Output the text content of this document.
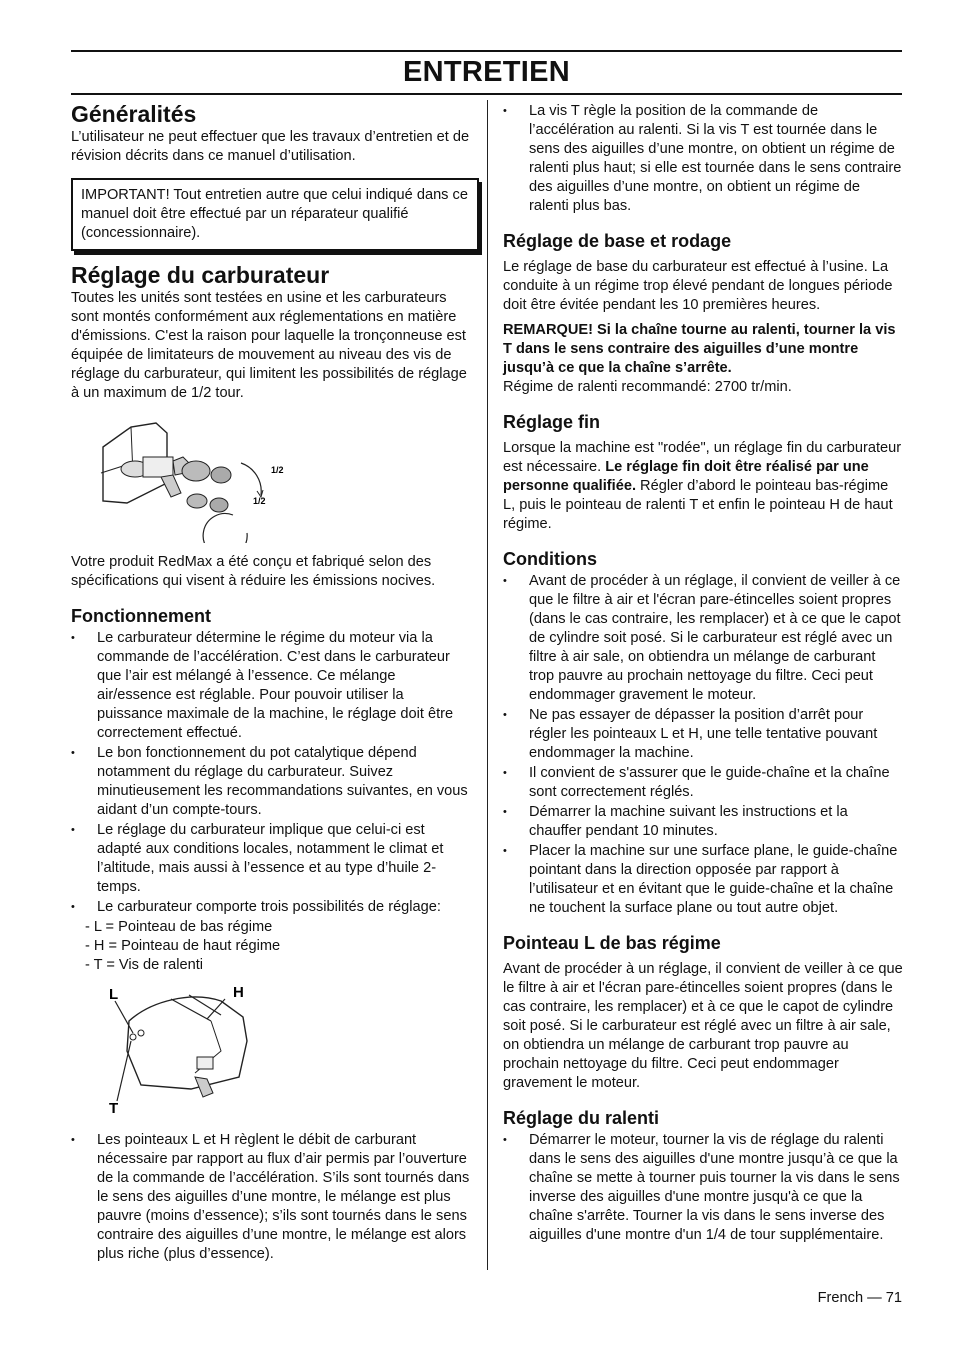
ENTRETIEN
Généralités

L’utilisateur ne peut effectuer que les travaux d’entretien et de révision décrits dans ce manuel d’utilisation.

IMPORTANT! Tout entretien autre que celui indiqué dans ce manuel doit être effectué par un réparateur qualifié (concessionnaire).

Réglage du carburateur

Toutes les unités sont testées en usine et les carburateurs sont montés conformément aux réglementations en matière d'émissions. C'est la raison pour laquelle la tronçonneuse est équipée de limitateurs de mouvement au niveau des vis de réglage du carburateur, qui limitent les possibilités de réglage à un maximum de 1/2 tour.

1/2
1/2

Votre produit RedMax a été conçu et fabriqué selon des spécifications qui visent à réduire les émissions nocives.

Fonctionnement
• Le carburateur détermine le régime du moteur via la commande de l’accélération. C’est dans le carburateur que l’air est mélangé à l’essence. Ce mélange air/essence est réglable. Pour pouvoir utiliser la puissance maximale de la machine, le réglage doit être correctement effectué.
• Le bon fonctionnement du pot catalytique dépend notamment du réglage du carburateur. Suivez minutieusement les recommandations suivantes, en vous aidant d’un compte-tours.
• Le réglage du carburateur implique que celui-ci est adapté aux conditions locales, notamment le climat et l’altitude, mais aussi à l’essence et au type d’huile 2-temps.
• Le carburateur comporte trois possibilités de réglage:

- L = Pointeau de bas régime

- H = Pointeau de haut régime

- T = Vis de ralenti

L	H
T
• Les pointeaux L et H règlent le débit de carburant nécessaire par rapport au flux d’air permis par l’ouverture de la commande de l’accélération. S’ils sont tournés dans le sens des aiguilles d’une montre, le mélange est plus pauvre (moins d’essence); s’ils sont tournés dans le sens contraire des aiguilles d’une montre, le mélange est alors plus riche (plus d’essence).
• La vis T règle la position de la commande de l’accélération au ralenti. Si la vis T est tournée dans le sens des aiguilles d’une montre, on obtient un régime de ralenti plus haut; si elle est tournée dans le sens contraire des aiguilles d’une montre, on obtient un régime de ralenti plus bas.
Réglage de base et rodage

Le réglage de base du carburateur est effectué à l’usine. La conduite à un régime trop élevé pendant de longues période doit être évitée pendant les 10 premières heures.

REMARQUE! Si la chaîne tourne au ralenti, tourner la vis T dans le sens contraire des aiguilles d’une montre jusqu’à ce que la chaîne s’arrête.

Régime de ralenti recommandé: 2700 tr/min.

Réglage fin

Lorsque la machine est "rodée", un réglage fin du carburateur est nécessaire. Le réglage fin doit être réalisé par une personne qualifiée. Régler d’abord le pointeau bas-régime L, puis le pointeau de ralenti T et enfin le pointeau H de haut régime.

Conditions
• Avant de procéder à un réglage, il convient de veiller à ce que le filtre à air et l'écran pare-étincelles soient propres (dans le cas contraire, les remplacer) et à ce que le capot de cylindre soit posé. Si le carburateur est réglé avec un filtre à air sale, on obtiendra un mélange de carburant trop pauvre au prochain nettoyage du filtre. Ceci peut endommager gravement le moteur.
• Ne pas essayer de dépasser la position d’arrêt pour régler les pointeaux L et H, une telle tentative pouvant endommager la machine.
• Il convient de s'assurer que le guide-chaîne et la chaîne sont correctement réglés.
• Démarrer la machine suivant les instructions et la chauffer pendant 10 minutes.
• Placer la machine sur une surface plane, le guide-chaîne pointant dans la direction opposée par rapport à l’utilisateur et en évitant que le guide-chaîne et la chaîne ne touchent la surface plane ou tout autre objet.
Pointeau L de bas régime

Avant de procéder à un réglage, il convient de veiller à ce que le filtre à air et l'écran pare-étincelles soient propres (dans le cas contraire, les remplacer) et à ce que le capot de cylindre soit posé. Si le carburateur est réglé avec un filtre à air sale, on obtiendra un mélange de carburant trop pauvre au prochain nettoyage du filtre. Ceci peut endommager gravement le moteur.

Réglage du ralenti
• Démarrer le moteur, tourner la vis de réglage du ralenti dans le sens des aiguilles d'une montre jusqu’à ce que la chaîne se mette à tourner puis tourner la vis dans le sens inverse des aiguilles d'une montre jusqu'à ce que la chaîne s'arrête. Tourner la vis dans le sens inverse des aiguilles d'une montre d'un 1/4 de tour supplémentaire.
French — 71
